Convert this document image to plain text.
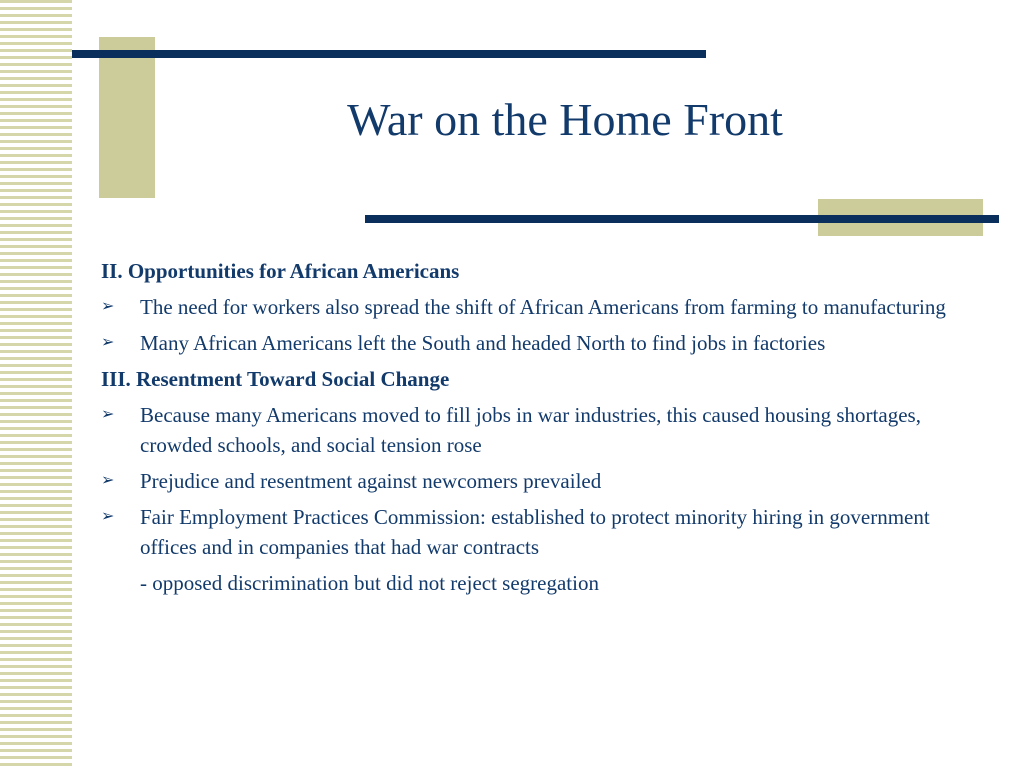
War on the Home Front
II. Opportunities for African Americans
➢	The need for workers also spread the shift of African Americans from farming to manufacturing
➢	Many African Americans left the South and headed North to find jobs in factories
III. Resentment Toward Social Change
➢	Because many Americans moved to fill jobs in war industries, this caused housing shortages, crowded schools, and social tension rose
➢	Prejudice and resentment against newcomers prevailed
➢	Fair Employment Practices Commission: established to protect minority hiring in government offices and in companies that had war contracts
- opposed discrimination but did not reject segregation
